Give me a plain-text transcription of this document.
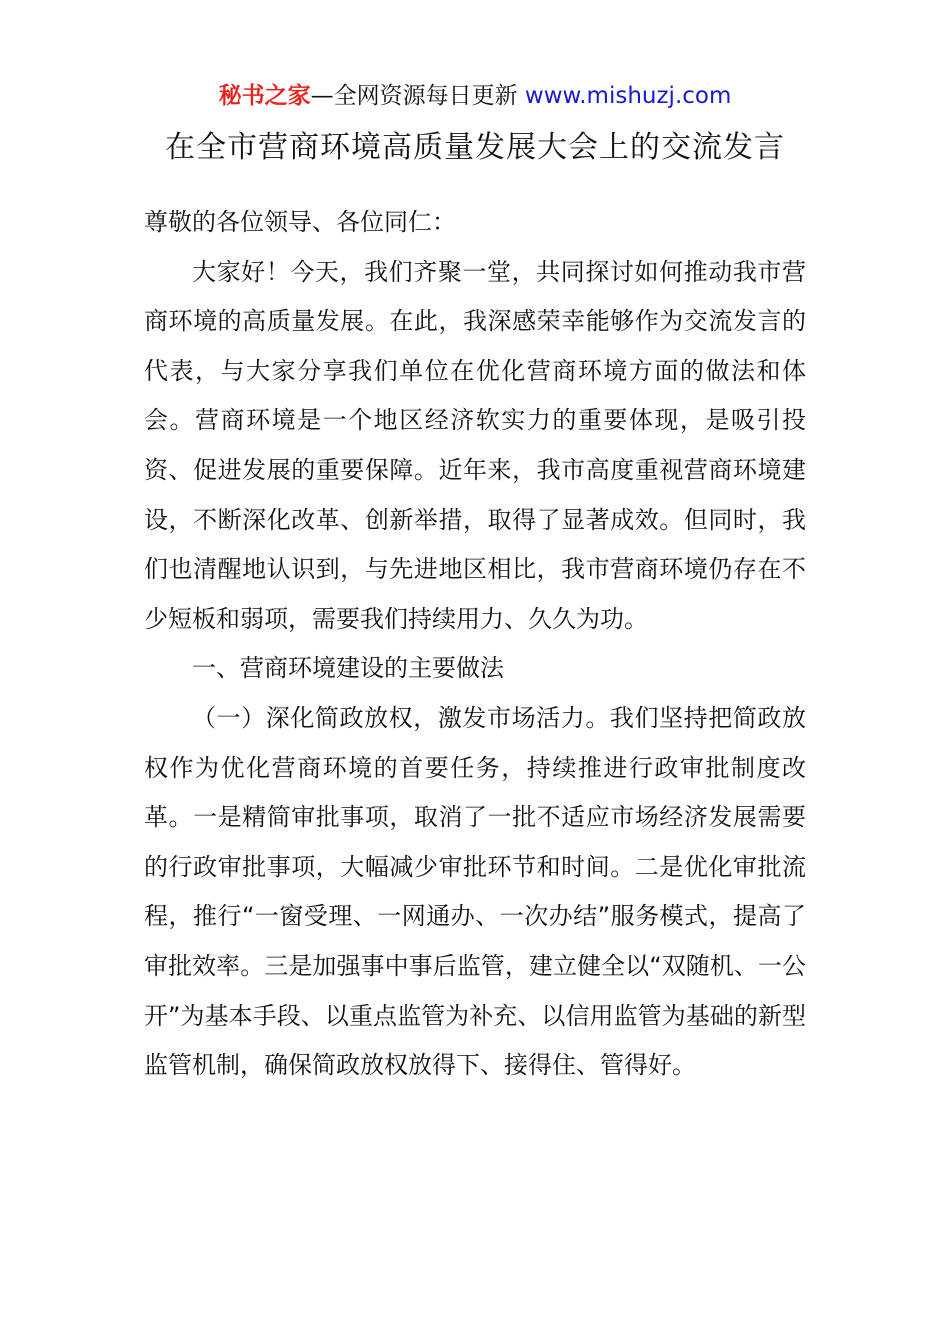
秘书之家—全网资源每日更新 www.mishuzj.com
在全市营商环境高质量发展大会上的交流发言

尊敬的各位领导、各位同仁：

大家好！今天，我们齐聚一堂，共同探讨如何推动我市营商环境的高质量发展。在此，我深感荣幸能够作为交流发言的代表，与大家分享我们单位在优化营商环境方面的做法和体会。营商环境是一个地区经济软实力的重要体现，是吸引投资、促进发展的重要保障。近年来，我市高度重视营商环境建设，不断深化改革、创新举措，取得了显著成效。但同时，我们也清醒地认识到，与先进地区相比，我市营商环境仍存在不少短板和弱项，需要我们持续用力、久久为功。

一、营商环境建设的主要做法

（一）深化简政放权，激发市场活力。我们坚持把简政放权作为优化营商环境的首要任务，持续推进行政审批制度改革。一是精简审批事项，取消了一批不适应市场经济发展需要的行政审批事项，大幅减少审批环节和时间。二是优化审批流程，推行“一窗受理、一网通办、一次办结”服务模式，提高了审批效率。三是加强事中事后监管，建立健全以“双随机、一公开”为基本手段、以重点监管为补充、以信用监管为基础的新型监管机制，确保简政放权放得下、接得住、管得好。
